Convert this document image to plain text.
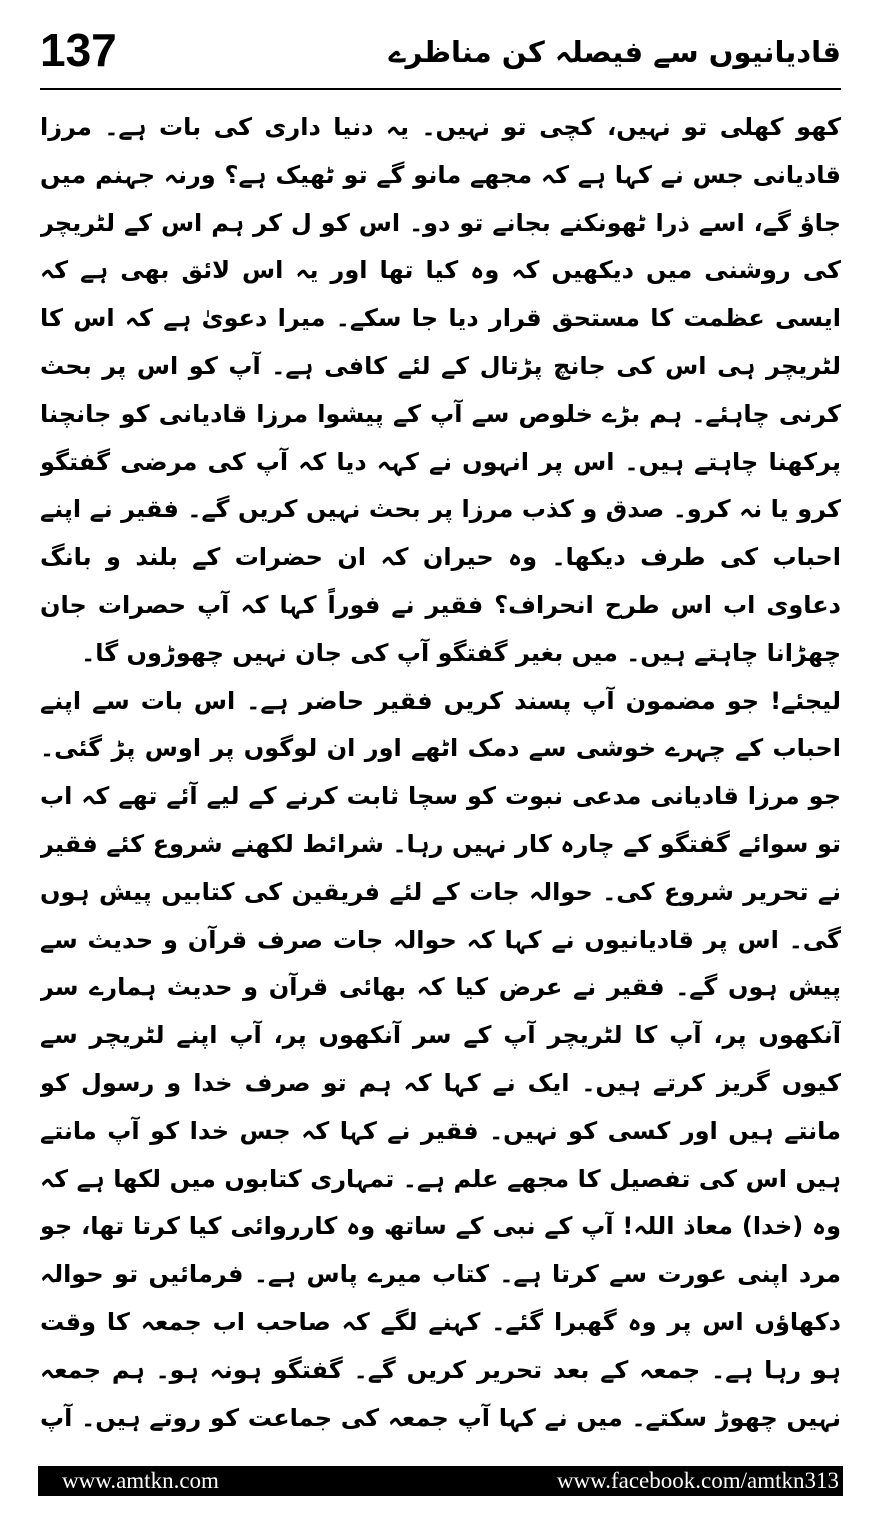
137	قادیانیوں سے فیصلہ کن مناظرے

کھو کھلی تو نہیں، کچی تو نہیں۔ یہ دنیا داری کی بات ہے۔ مرزا قادیانی جس نے کہا ہے کہ مجھے مانو گے تو ٹھیک ہے؟ ورنہ جہنم میں جاؤ گے، اسے ذرا ٹھونکنے بجانے تو دو۔ اس کو ل کر ہم اس کے لٹریچر کی روشنی میں دیکھیں کہ وہ کیا تھا اور یہ اس لائق بھی ہے کہ ایسی عظمت کا مستحق قرار دیا جا سکے۔ میرا دعویٰ ہے کہ اس کا لٹریچر ہی اس کی جانچ پڑتال کے لئے کافی ہے۔ آپ کو اس پر بحث کرنی چاہئے۔ ہم بڑے خلوص سے آپ کے پیشوا مرزا قادیانی کو جانچنا پرکھنا چاہتے ہیں۔ اس پر انہوں نے کہہ دیا کہ آپ کی مرضی گفتگو کرو یا نہ کرو۔ صدق و کذب مرزا پر بحث نہیں کریں گے۔ فقیر نے اپنے احباب کی طرف دیکھا۔ وہ حیران کہ ان حضرات کے بلند و بانگ دعاوی اب اس طرح انحراف؟ فقیر نے فوراً کہا کہ آپ حصرات جان چھڑانا چاہتے ہیں۔ میں بغیر گفتگو آپ کی جان نہیں چھوڑوں گا۔

لیجئے! جو مضمون آپ پسند کریں فقیر حاضر ہے۔ اس بات سے اپنے احباب کے چہرے خوشی سے دمک اٹھے اور ان لوگوں پر اوس پڑ گئی۔ جو مرزا قادیانی مدعی نبوت کو سچا ثابت کرنے کے لیے آئے تھے کہ اب تو سوائے گفتگو کے چارہ کار نہیں رہا۔ شرائط لکھنے شروع کئے فقیر نے تحریر شروع کی۔ حوالہ جات کے لئے فریقین کی کتابیں پیش ہوں گی۔ اس پر قادیانیوں نے کہا کہ حوالہ جات صرف قرآن و حدیث سے پیش ہوں گے۔ فقیر نے عرض کیا کہ بھائی قرآن و حدیث ہمارے سر آنکھوں پر، آپ کا لٹریچر آپ کے سر آنکھوں پر، آپ اپنے لٹریچر سے کیوں گریز کرتے ہیں۔ ایک نے کہا کہ ہم تو صرف خدا و رسول کو مانتے ہیں اور کسی کو نہیں۔ فقیر نے کہا کہ جس خدا کو آپ مانتے ہیں اس کی تفصیل کا مجھے علم ہے۔ تمہاری کتابوں میں لکھا ہے کہ وہ (خدا) معاذ اللہ! آپ کے نبی کے ساتھ وہ کارروائی کیا کرتا تھا، جو مرد اپنی عورت سے کرتا ہے۔ کتاب میرے پاس ہے۔ فرمائیں تو حوالہ دکھاؤں اس پر وہ گھبرا گئے۔ کہنے لگے کہ صاحب اب جمعہ کا وقت ہو رہا ہے۔ جمعہ کے بعد تحریر کریں گے۔ گفتگو ہونہ ہو۔ ہم جمعہ نہیں چھوڑ سکتے۔ میں نے کہا آپ جمعہ کی جماعت کو روتے ہیں۔ آپ

www.amtkn.com	www.facebook.com/amtkn313
